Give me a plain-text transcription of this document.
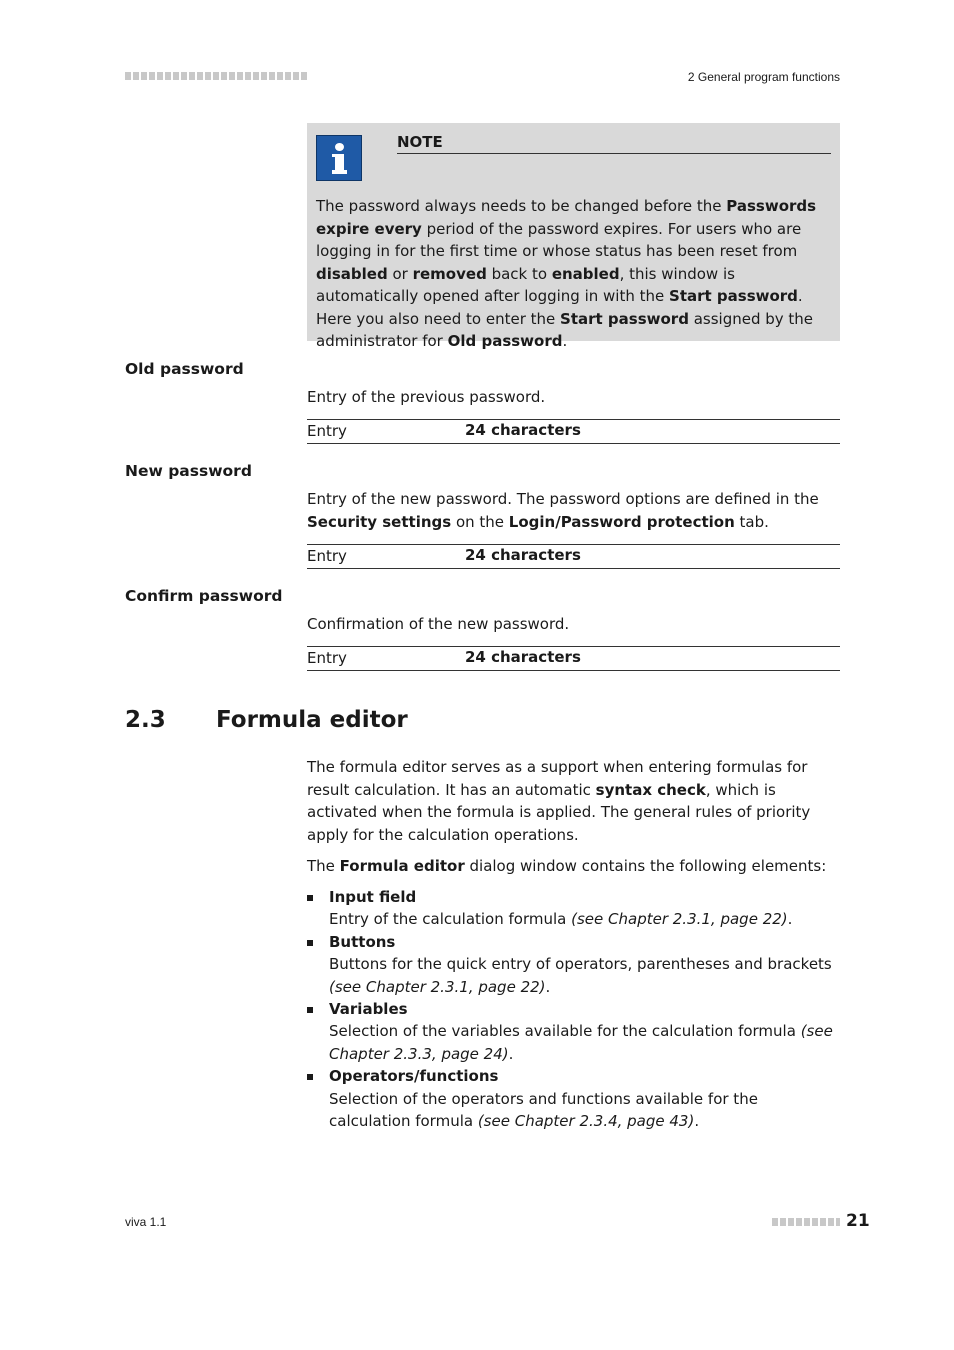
2 General program functions
NOTE
The password always needs to be changed before the Passwords expire every period of the password expires. For users who are logging in for the first time or whose status has been reset from disabled or removed back to enabled, this window is automatically opened after logging in with the Start password. Here you also need to enter the Start password assigned by the administrator for Old password.
Old password
Entry of the previous password.
Entry	24 characters
New password
Entry of the new password. The password options are defined in the Security settings on the Login/Password protection tab.
Entry	24 characters
Confirm password
Confirmation of the new password.
Entry	24 characters
2.3 Formula editor
The formula editor serves as a support when entering formulas for result calculation. It has an automatic syntax check, which is activated when the formula is applied. The general rules of priority apply for the calculation operations.
The Formula editor dialog window contains the following elements:
Input field
Entry of the calculation formula (see Chapter 2.3.1, page 22).
Buttons
Buttons for the quick entry of operators, parentheses and brackets (see Chapter 2.3.1, page 22).
Variables
Selection of the variables available for the calculation formula (see Chapter 2.3.3, page 24).
Operators/functions
Selection of the operators and functions available for the calculation formula (see Chapter 2.3.4, page 43).
viva 1.1	21
